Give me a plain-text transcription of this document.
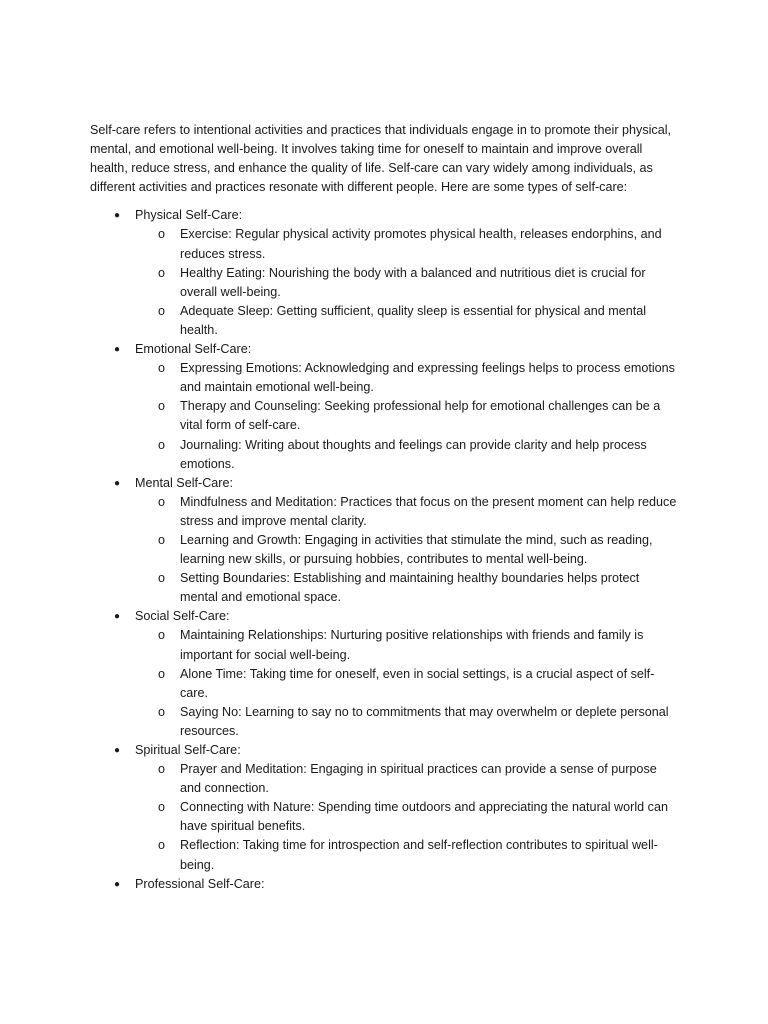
Self-care refers to intentional activities and practices that individuals engage in to promote their physical, mental, and emotional well-being. It involves taking time for oneself to maintain and improve overall health, reduce stress, and enhance the quality of life. Self-care can vary widely among individuals, as different activities and practices resonate with different people. Here are some types of self-care:

● Physical Self-Care:
o Exercise: Regular physical activity promotes physical health, releases endorphins, and reduces stress.
o Healthy Eating: Nourishing the body with a balanced and nutritious diet is crucial for overall well-being.
o Adequate Sleep: Getting sufficient, quality sleep is essential for physical and mental health.
● Emotional Self-Care:
o Expressing Emotions: Acknowledging and expressing feelings helps to process emotions and maintain emotional well-being.
o Therapy and Counseling: Seeking professional help for emotional challenges can be a vital form of self-care.
o Journaling: Writing about thoughts and feelings can provide clarity and help process emotions.
● Mental Self-Care:
o Mindfulness and Meditation: Practices that focus on the present moment can help reduce stress and improve mental clarity.
o Learning and Growth: Engaging in activities that stimulate the mind, such as reading, learning new skills, or pursuing hobbies, contributes to mental well-being.
o Setting Boundaries: Establishing and maintaining healthy boundaries helps protect mental and emotional space.
● Social Self-Care:
o Maintaining Relationships: Nurturing positive relationships with friends and family is important for social well-being.
o Alone Time: Taking time for oneself, even in social settings, is a crucial aspect of self-care.
o Saying No: Learning to say no to commitments that may overwhelm or deplete personal resources.
● Spiritual Self-Care:
o Prayer and Meditation: Engaging in spiritual practices can provide a sense of purpose and connection.
o Connecting with Nature: Spending time outdoors and appreciating the natural world can have spiritual benefits.
o Reflection: Taking time for introspection and self-reflection contributes to spiritual well-being.
● Professional Self-Care:
